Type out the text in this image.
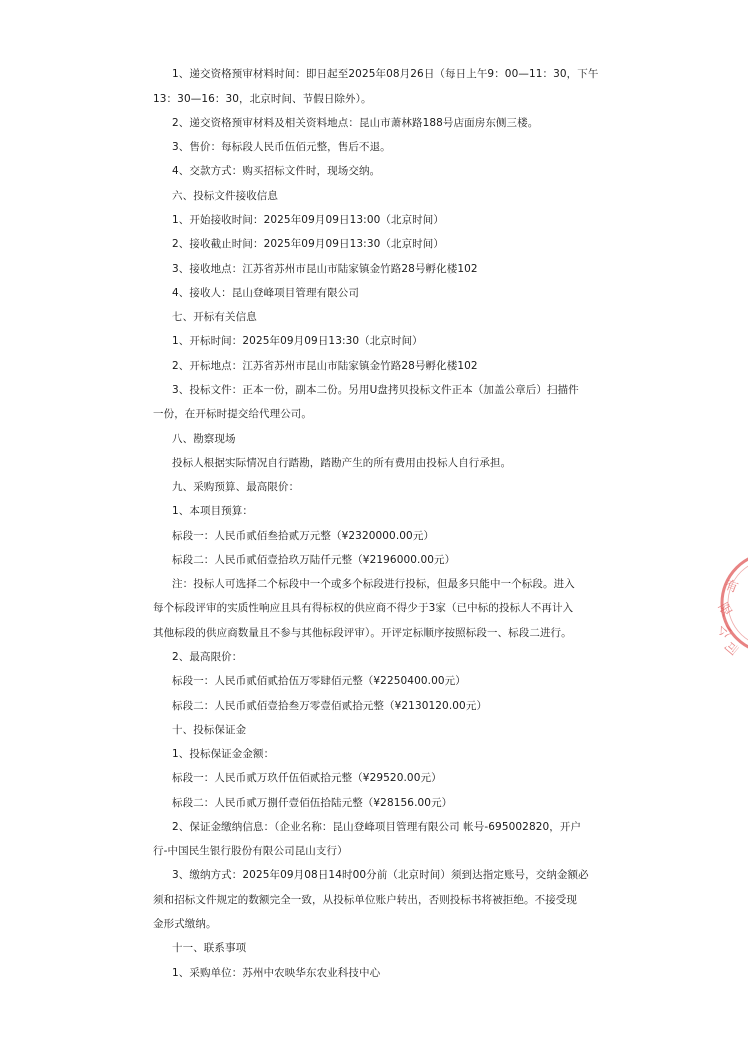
1、递交资格预审材料时间：即日起至2025年08月26日（每日上午9：00—11：30，下午
13：30—16：30，北京时间、节假日除外）。
2、递交资格预审材料及相关资料地点：昆山市萧林路188号店面房东侧三楼。
3、售价：每标段人民币伍佰元整，售后不退。
4、交款方式：购买招标文件时，现场交纳。
六、投标文件接收信息
1、开始接收时间：2025年09月09日13:00（北京时间）
2、接收截止时间：2025年09月09日13:30（北京时间）
3、接收地点：江苏省苏州市昆山市陆家镇金竹路28号孵化楼102
4、接收人：昆山登峰项目管理有限公司
七、开标有关信息
1、开标时间：2025年09月09日13:30（北京时间）
2、开标地点：江苏省苏州市昆山市陆家镇金竹路28号孵化楼102
3、投标文件：正本一份，副本二份。另用U盘拷贝投标文件正本（加盖公章后）扫描件
一份，在开标时提交给代理公司。
八、勘察现场
投标人根据实际情况自行踏勘，踏勘产生的所有费用由投标人自行承担。
九、采购预算、最高限价：
1、本项目预算：
标段一：人民币贰佰叁拾贰万元整（¥2320000.00元）
标段二：人民币贰佰壹拾玖万陆仟元整（¥2196000.00元）
注：投标人可选择二个标段中一个或多个标段进行投标，但最多只能中一个标段。进入
每个标段评审的实质性响应且具有得标权的供应商不得少于3家（已中标的投标人不再计入
其他标段的供应商数量且不参与其他标段评审）。开评定标顺序按照标段一、标段二进行。
2、最高限价：
标段一：人民币贰佰贰拾伍万零肆佰元整（¥2250400.00元）
标段二：人民币贰佰壹拾叁万零壹佰贰拾元整（¥2130120.00元）
十、投标保证金
1、投标保证金金额：
标段一：人民币贰万玖仟伍佰贰拾元整（¥29520.00元）
标段二：人民币贰万捌仟壹佰伍拾陆元整（¥28156.00元）
2、保证金缴纳信息：（企业名称：昆山登峰项目管理有限公司 帐号-695002820，开户
行-中国民生银行股份有限公司昆山支行）
3、缴纳方式：2025年09月08日14时00分前（北京时间）须到达指定账号，交纳金额必
须和招标文件规定的数额完全一致，从投标单位账户转出，否则投标书将被拒绝。不接受现
金形式缴纳。
十一、联系事项
1、采购单位：苏州中农映华东农业科技中心
有
限
公
司
